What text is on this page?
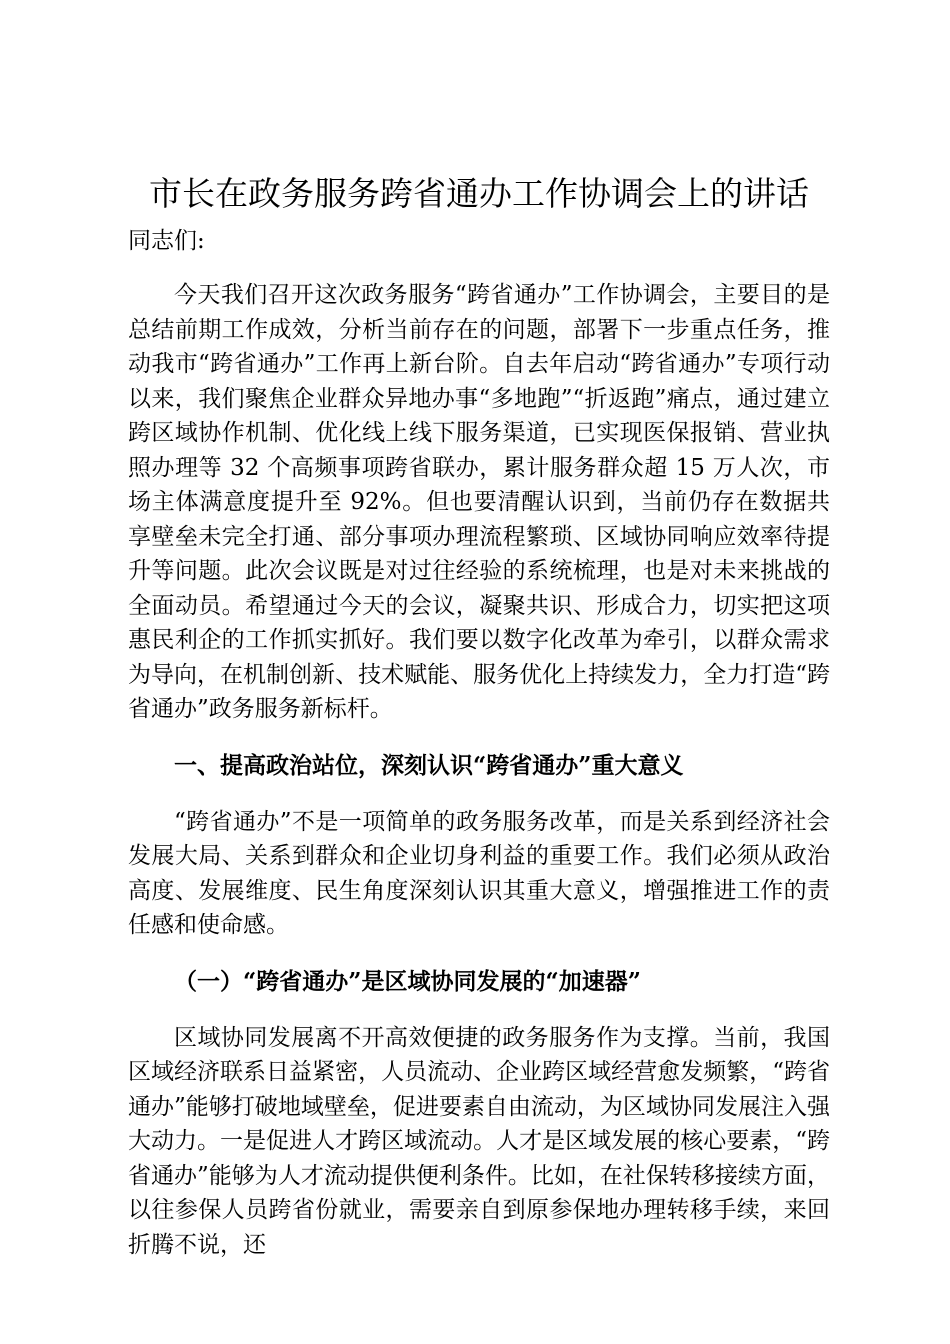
市长在政务服务跨省通办工作协调会上的讲话

同志们:

今天我们召开这次政务服务“跨省通办”工作协调会，主要目的是总结前期工作成效，分析当前存在的问题，部署下一步重点任务，推动我市“跨省通办”工作再上新台阶。自去年启动“跨省通办”专项行动以来，我们聚焦企业群众异地办事“多地跑”“折返跑”痛点，通过建立跨区域协作机制、优化线上线下服务渠道，已实现医保报销、营业执照办理等 32 个高频事项跨省联办，累计服务群众超 15 万人次，市场主体满意度提升至 92%。但也要清醒认识到，当前仍存在数据共享壁垒未完全打通、部分事项办理流程繁琐、区域协同响应效率待提升等问题。此次会议既是对过往经验的系统梳理，也是对未来挑战的全面动员。希望通过今天的会议，凝聚共识、形成合力，切实把这项惠民利企的工作抓实抓好。我们要以数字化改革为牵引，以群众需求为导向，在机制创新、技术赋能、服务优化上持续发力，全力打造“跨省通办”政务服务新标杆。

一、提高政治站位，深刻认识“跨省通办”重大意义

“跨省通办”不是一项简单的政务服务改革，而是关系到经济社会发展大局、关系到群众和企业切身利益的重要工作。我们必须从政治高度、发展维度、民生角度深刻认识其重大意义，增强推进工作的责任感和使命感。

（一）“跨省通办”是区域协同发展的“加速器”

区域协同发展离不开高效便捷的政务服务作为支撑。当前，我国区域经济联系日益紧密，人员流动、企业跨区域经营愈发频繁，“跨省通办”能够打破地域壁垒，促进要素自由流动，为区域协同发展注入强大动力。一是促进人才跨区域流动。人才是区域发展的核心要素，“跨省通办”能够为人才流动提供便利条件。比如，在社保转移接续方面，以往参保人员跨省份就业，需要亲自到原参保地办理转移手续，来回折腾不说，还
